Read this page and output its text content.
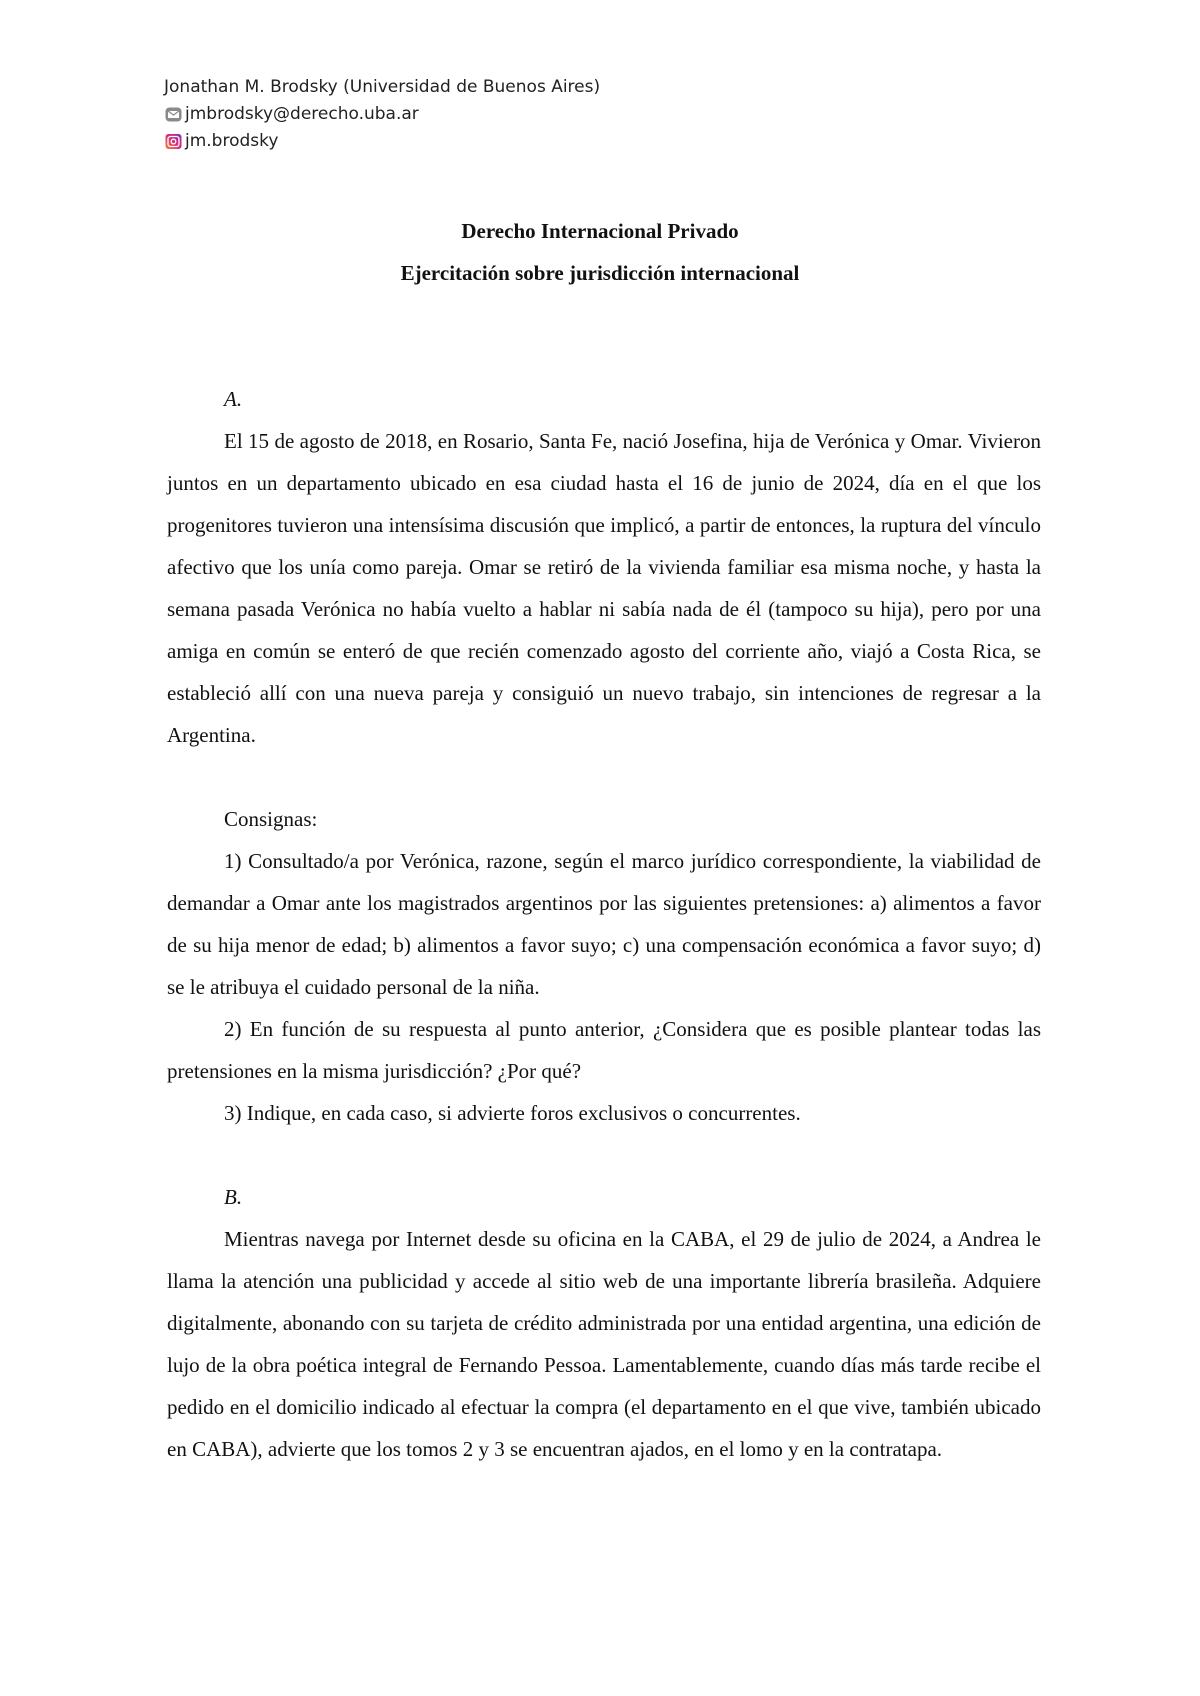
Jonathan M. Brodsky (Universidad de Buenos Aires)
jmbrodsky@derecho.uba.ar
jm.brodsky
Derecho Internacional Privado
Ejercitación sobre jurisdicción internacional

A.

El 15 de agosto de 2018, en Rosario, Santa Fe, nació Josefina, hija de Verónica y Omar. Vivieron juntos en un departamento ubicado en esa ciudad hasta el 16 de junio de 2024, día en el que los progenitores tuvieron una intensísima discusión que implicó, a partir de entonces, la ruptura del vínculo afectivo que los unía como pareja. Omar se retiró de la vivienda familiar esa misma noche, y hasta la semana pasada Verónica no había vuelto a hablar ni sabía nada de él (tampoco su hija), pero por una amiga en común se enteró de que recién comenzado agosto del corriente año, viajó a Costa Rica, se estableció allí con una nueva pareja y consiguió un nuevo trabajo, sin intenciones de regresar a la Argentina.

Consignas:

1) Consultado/a por Verónica, razone, según el marco jurídico correspondiente, la viabilidad de demandar a Omar ante los magistrados argentinos por las siguientes pretensiones: a) alimentos a favor de su hija menor de edad; b) alimentos a favor suyo; c) una compensación económica a favor suyo; d) se le atribuya el cuidado personal de la niña.

2) En función de su respuesta al punto anterior, ¿Considera que es posible plantear todas las pretensiones en la misma jurisdicción? ¿Por qué?

3) Indique, en cada caso, si advierte foros exclusivos o concurrentes.

B.

Mientras navega por Internet desde su oficina en la CABA, el 29 de julio de 2024, a Andrea le llama la atención una publicidad y accede al sitio web de una importante librería brasileña. Adquiere digitalmente, abonando con su tarjeta de crédito administrada por una entidad argentina, una edición de lujo de la obra poética integral de Fernando Pessoa. Lamentablemente, cuando días más tarde recibe el pedido en el domicilio indicado al efectuar la compra (el departamento en el que vive, también ubicado en CABA), advierte que los tomos 2 y 3 se encuentran ajados, en el lomo y en la contratapa.
